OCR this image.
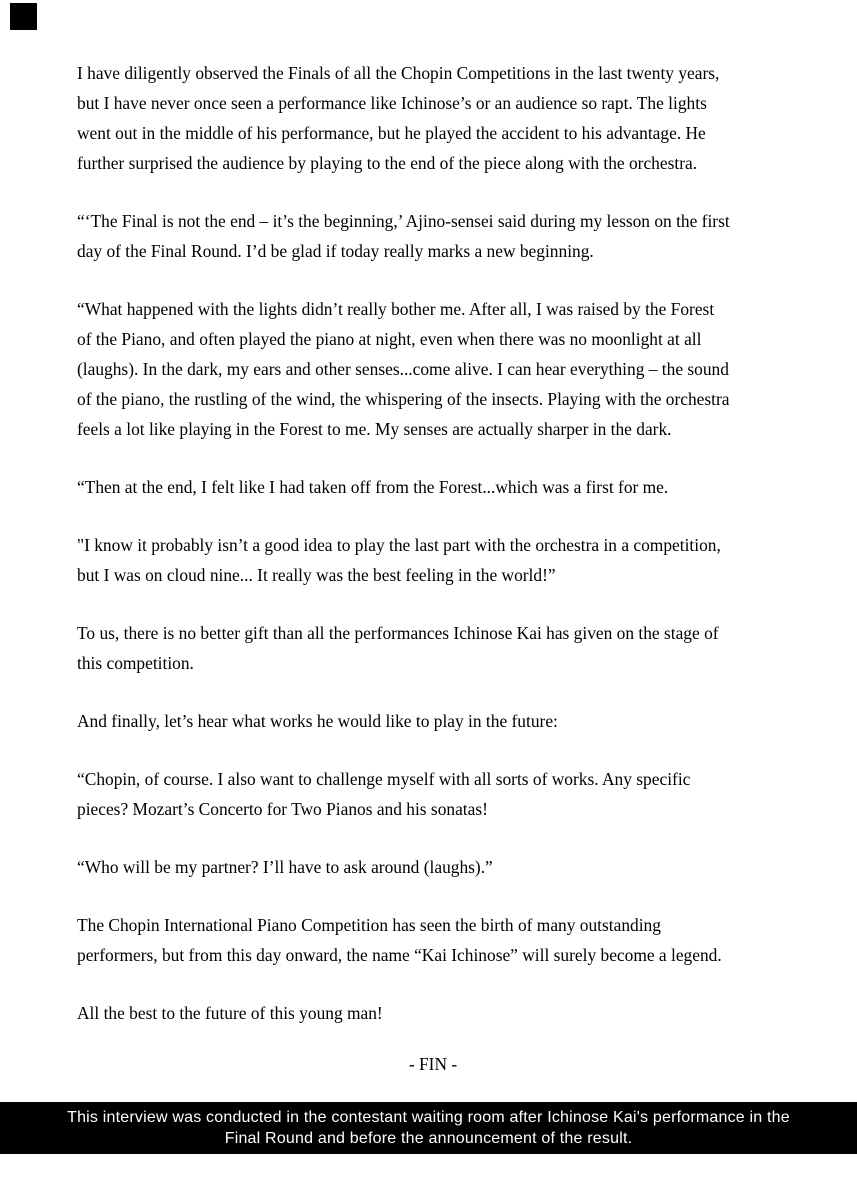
I have diligently observed the Finals of all the Chopin Competitions in the last twenty years,
but I have never once seen a performance like Ichinose’s or an audience so rapt. The lights
went out in the middle of his performance, but he played the accident to his advantage. He
further surprised the audience by playing to the end of the piece along with the orchestra.

“‘The Final is not the end – it’s the beginning,’ Ajino-sensei said during my lesson on the first
day of the Final Round. I’d be glad if today really marks a new beginning.

“What happened with the lights didn’t really bother me. After all, I was raised by the Forest
of the Piano, and often played the piano at night, even when there was no moonlight at all
(laughs). In the dark, my ears and other senses...come alive. I can hear everything – the sound
of the piano, the rustling of the wind, the whispering of the insects. Playing with the orchestra
feels a lot like playing in the Forest to me. My senses are actually sharper in the dark.

“Then at the end, I felt like I had taken off from the Forest...which was a first for me.

"I know it probably isn’t a good idea to play the last part with the orchestra in a competition,
but I was on cloud nine... It really was the best feeling in the world!”

To us, there is no better gift than all the performances Ichinose Kai has given on the stage of
this competition.

And finally, let’s hear what works he would like to play in the future:

“Chopin, of course. I also want to challenge myself with all sorts of works. Any specific
pieces? Mozart’s Concerto for Two Pianos and his sonatas!

“Who will be my partner? I’ll have to ask around (laughs).”

The Chopin International Piano Competition has seen the birth of many outstanding
performers, but from this day onward, the name “Kai Ichinose” will surely become a legend.

All the best to the future of this young man!

- FIN -

This interview was conducted in the contestant waiting room after Ichinose Kai's performance in the
Final Round and before the announcement of the result.
